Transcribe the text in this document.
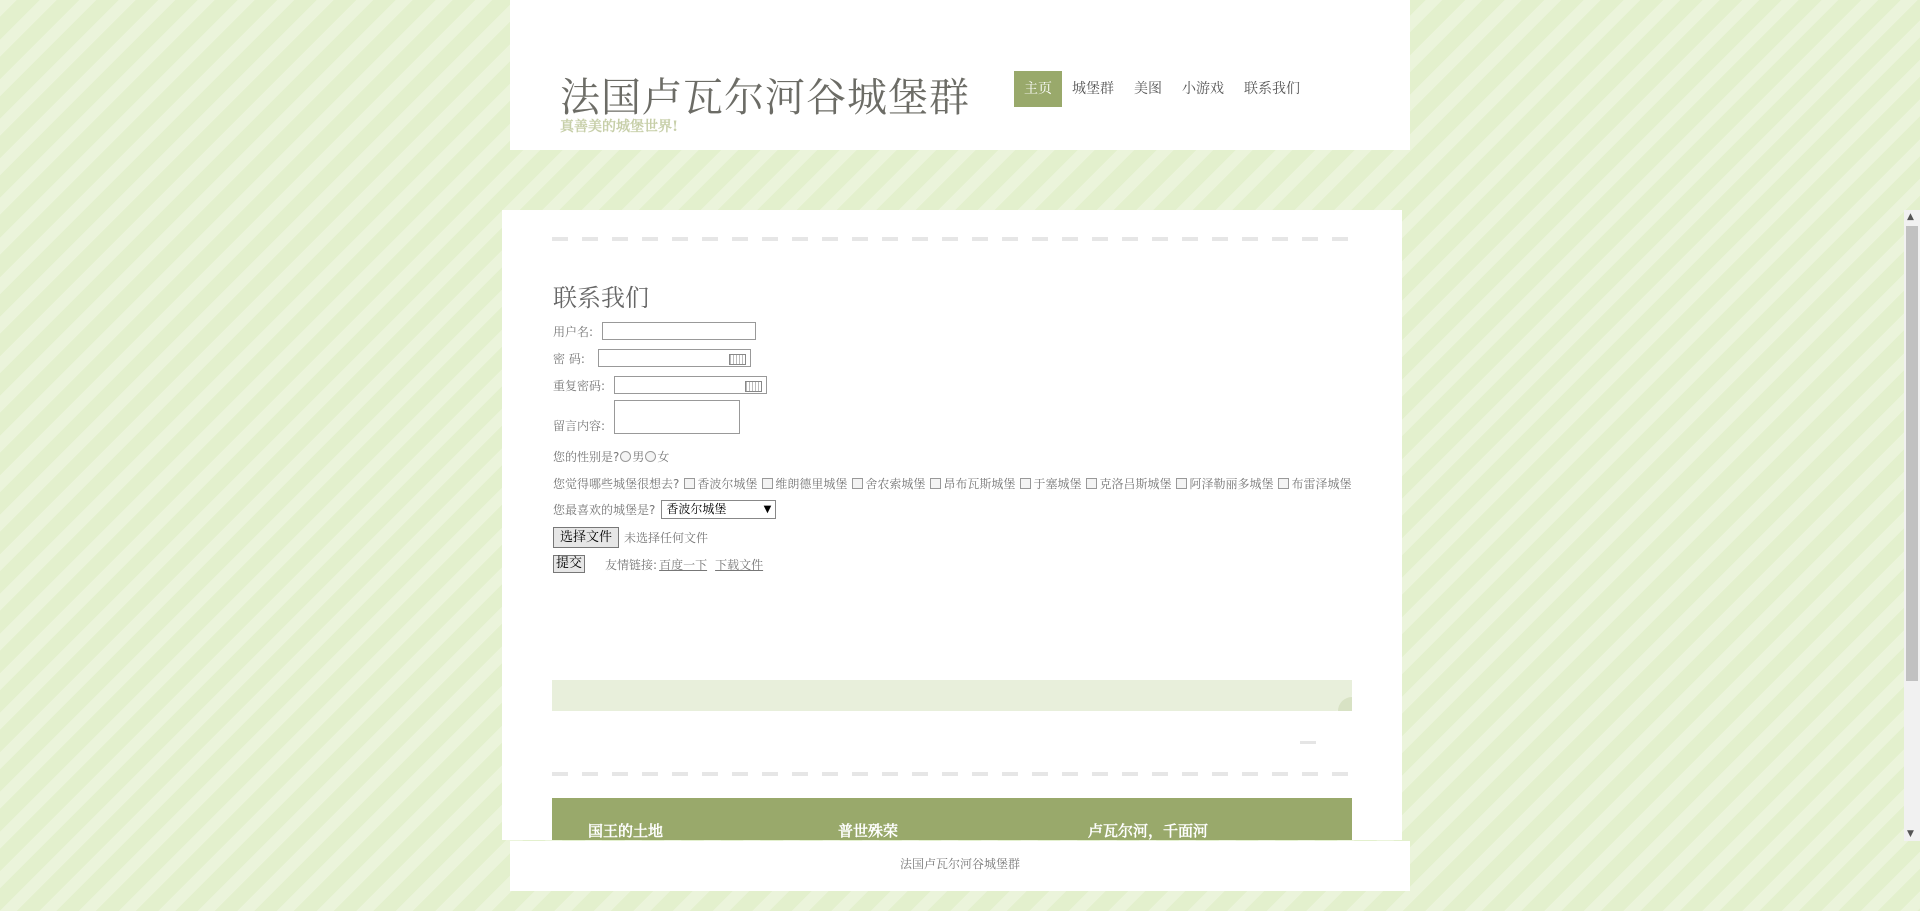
法国卢瓦尔河谷城堡群
真善美的城堡世界!
主页	城堡群	美图	小游戏	联系我们
联系我们
用户名:
密 码:
重复密码:
留言内容:
您的性别是? 男 女
您觉得哪些城堡很想去? 香波尔城堡 维朗德里城堡 舍农索城堡 昂布瓦斯城堡 于塞城堡 克洛吕斯城堡 阿泽勒丽多城堡 布雷泽城堡
您最喜欢的城堡是? 香波尔城堡	▼
选择文件	未选择任何文件
提交 友情链接: 百度一下 下载文件
国王的土地	普世殊荣	卢瓦尔河，千面河
法国卢瓦尔河谷城堡群
▲
▼
